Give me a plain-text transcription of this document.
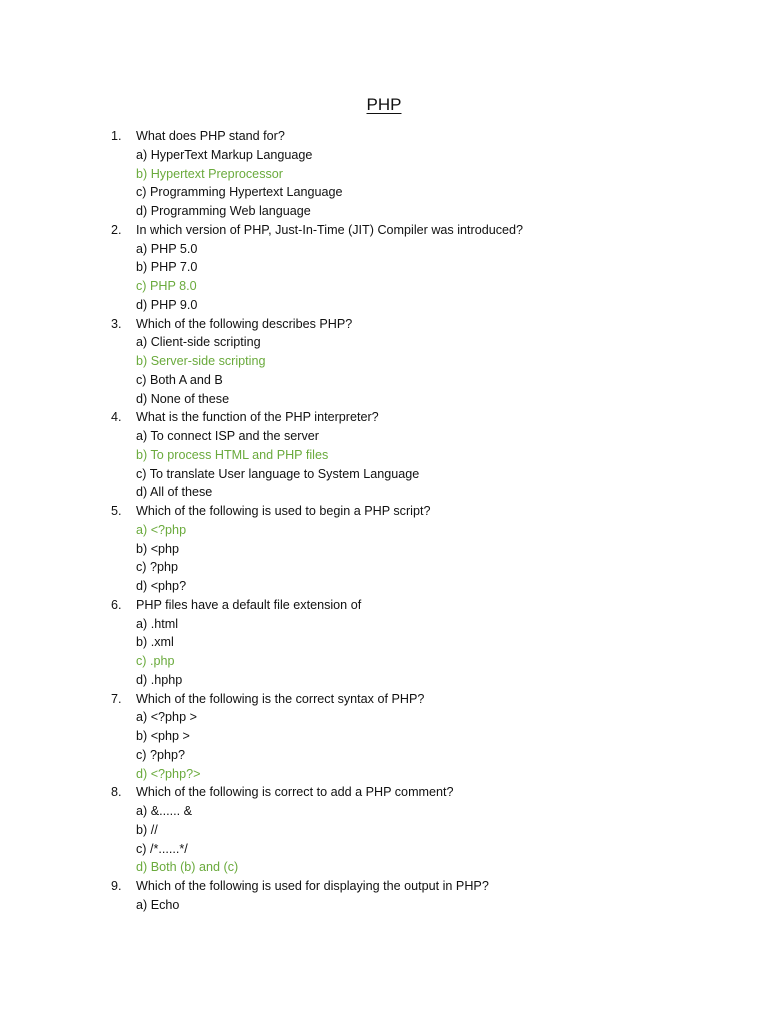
PHP
1.	What does PHP stand for?
a) HyperText Markup Language
b) Hypertext Preprocessor
c) Programming Hypertext Language
d) Programming Web language
2.	In which version of PHP, Just-In-Time (JIT) Compiler was introduced?
a) PHP 5.0
b) PHP 7.0
c) PHP 8.0
d) PHP 9.0
3.	Which of the following describes PHP?
a) Client-side scripting
b) Server-side scripting
c) Both A and B
d) None of these
4.	What is the function of the PHP interpreter?
a) To connect ISP and the server
b) To process HTML and PHP files
c) To translate User language to System Language
d) All of these
5.	Which of the following is used to begin a PHP script?
a) <?php
b) <php
c) ?php
d) <php?
6.	PHP files have a default file extension of
a) .html
b) .xml
c) .php
d) .hphp
7.	Which of the following is the correct syntax of PHP?
a) <?php >
b) <php >
c) ?php?
d) <?php?>
8.	Which of the following is correct to add a PHP comment?
a) &...... &
b) //
c) /*......*/
d) Both (b) and (c)
9.	Which of the following is used for displaying the output in PHP?
a) Echo
